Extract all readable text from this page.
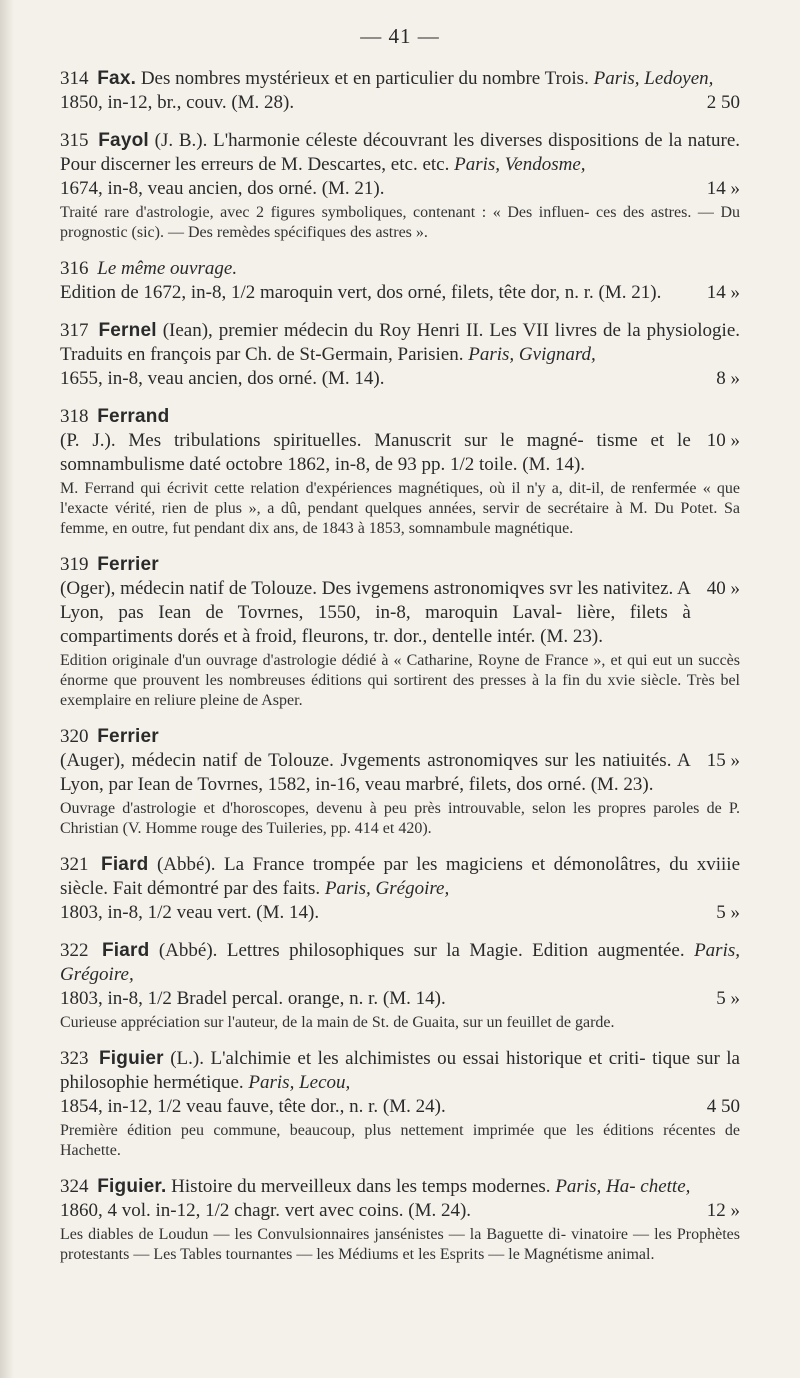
— 41 —

314 Fax. Des nombres mystérieux et en particulier du nombre Trois. Paris, Ledoyen,
1850, in-12, br., couv. (M. 28).	2 50

315 Fayol (J. B.). L'harmonie céleste découvrant les diverses dispositions de la nature. Pour discerner les erreurs de M. Descartes, etc. etc. Paris, Vendosme,
1674, in-8, veau ancien, dos orné. (M. 21).	14 »

Traité rare d'astrologie, avec 2 figures symboliques, contenant : « Des influen- ces des astres. — Du prognostic (sic). — Des remèdes spécifiques des astres ».

316 Le même ouvrage.
Edition de 1672, in-8, 1/2 maroquin vert, dos orné, filets, tête dor, n. r. (M. 21). 14 »

317 Fernel (Iean), premier médecin du Roy Henri II. Les VII livres de la physiologie. Traduits en françois par Ch. de St-Germain, Parisien. Paris, Gvignard,
1655, in-8, veau ancien, dos orné. (M. 14).	8 »

318 Ferrand
(P. J.). Mes tribulations spirituelles. Manuscrit sur le magné- tisme et le somnambulisme daté octobre 1862, in-8, de 93 pp. 1/2 toile. (M. 14).
10 »

M. Ferrand qui écrivit cette relation d'expériences magnétiques, où il n'y a, dit-il, de renfermée « que l'exacte vérité, rien de plus », a dû, pendant quelques années, servir de secrétaire à M. Du Potet. Sa femme, en outre, fut pendant dix ans, de 1843 à 1853, somnambule magnétique.

319 Ferrier
(Oger), médecin natif de Tolouze. Des ivgemens astronomiqves svr les nativitez. A Lyon, pas Iean de Tovrnes, 1550, in-8, maroquin Laval- lière, filets à compartiments dorés et à froid, fleurons, tr. dor., dentelle intér. (M. 23).
40 »

Edition originale d'un ouvrage d'astrologie dédié à « Catharine, Royne de France », et qui eut un succès énorme que prouvent les nombreuses éditions qui sortirent des presses à la fin du xvie siècle. Très bel exemplaire en reliure pleine de Asper.

320 Ferrier
(Auger), médecin natif de Tolouze. Jvgements astronomiqves sur les natiuités. A Lyon, par Iean de Tovrnes, 1582, in-16, veau marbré, filets, dos orné. (M. 23).
15 »

Ouvrage d'astrologie et d'horoscopes, devenu à peu près introuvable, selon les propres paroles de P. Christian (V. Homme rouge des Tuileries, pp. 414 et 420).

321 Fiard (Abbé). La France trompée par les magiciens et démonolâtres, du xviiie siècle. Fait démontré par des faits. Paris, Grégoire,
1803, in-8, 1/2 veau vert. (M. 14).	5 »

322 Fiard (Abbé). Lettres philosophiques sur la Magie. Edition augmentée. Paris, Grégoire,
1803, in-8, 1/2 Bradel percal. orange, n. r. (M. 14).	5 »

Curieuse appréciation sur l'auteur, de la main de St. de Guaita, sur un feuillet de garde.

323 Figuier (L.). L'alchimie et les alchimistes ou essai historique et criti- tique sur la philosophie hermétique. Paris, Lecou,
1854, in-12, 1/2 veau fauve, tête dor., n. r. (M. 24).	4 50

Première édition peu commune, beaucoup, plus nettement imprimée que les éditions récentes de Hachette.

324 Figuier. Histoire du merveilleux dans les temps modernes. Paris, Ha- chette,
1860, 4 vol. in-12, 1/2 chagr. vert avec coins. (M. 24).	12 »

Les diables de Loudun — les Convulsionnaires jansénistes — la Baguette di- vinatoire — les Prophètes protestants — Les Tables tournantes — les Médiums et les Esprits — le Magnétisme animal.
